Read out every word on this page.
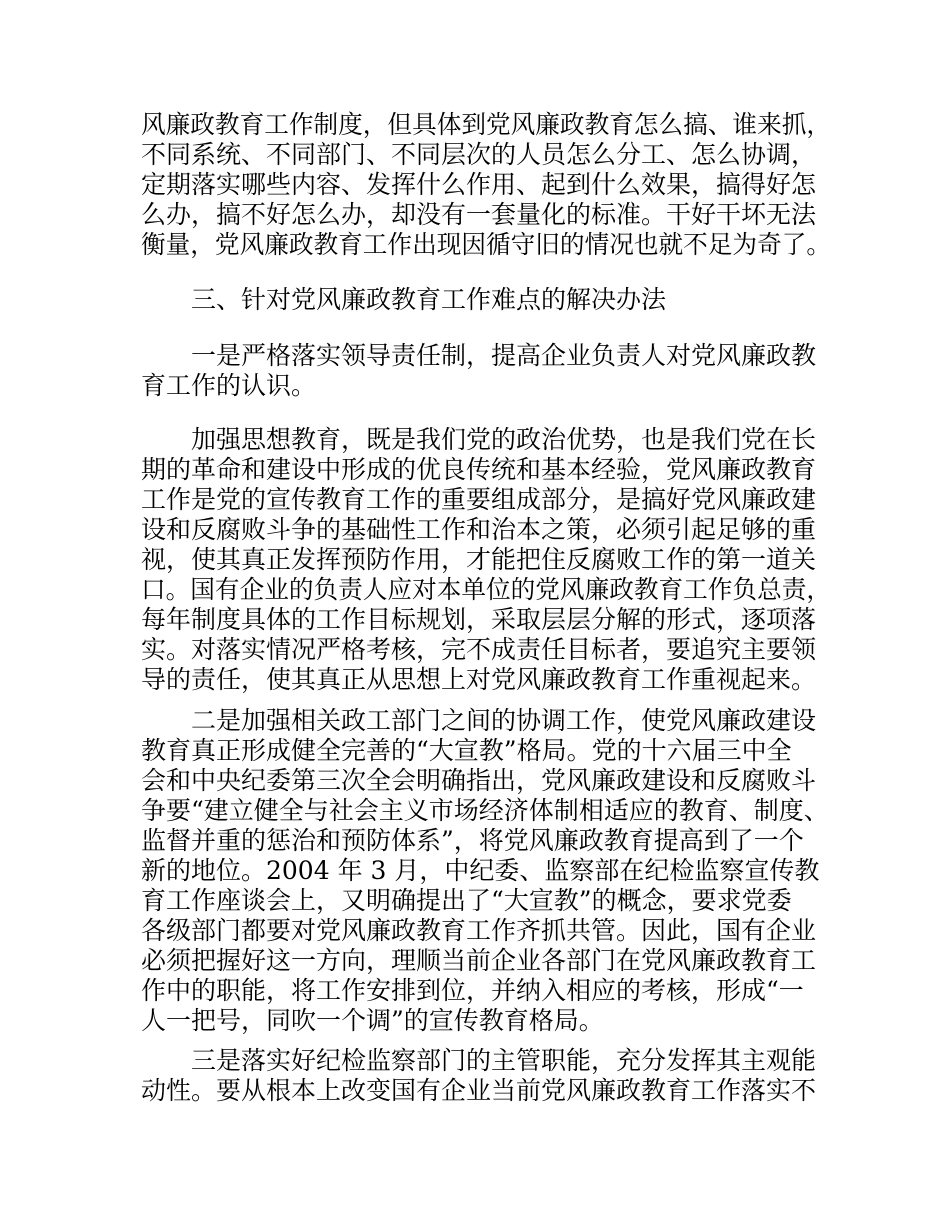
风廉政教育工作制度，但具体到党风廉政教育怎么搞、谁来抓，
不同系统、不同部门、不同层次的人员怎么分工、怎么协调，
定期落实哪些内容、发挥什么作用、起到什么效果，搞得好怎
么办，搞不好怎么办，却没有一套量化的标准。干好干坏无法
衡量，党风廉政教育工作出现因循守旧的情况也就不足为奇了。
　　三、针对党风廉政教育工作难点的解决办法
　　一是严格落实领导责任制，提高企业负责人对党风廉政教
育工作的认识。
　　加强思想教育，既是我们党的政治优势，也是我们党在长
期的革命和建设中形成的优良传统和基本经验，党风廉政教育
工作是党的宣传教育工作的重要组成部分，是搞好党风廉政建
设和反腐败斗争的基础性工作和治本之策，必须引起足够的重
视，使其真正发挥预防作用，才能把住反腐败工作的第一道关
口。国有企业的负责人应对本单位的党风廉政教育工作负总责，
每年制度具体的工作目标规划，采取层层分解的形式，逐项落
实。对落实情况严格考核，完不成责任目标者，要追究主要领
导的责任，使其真正从思想上对党风廉政教育工作重视起来。
　　二是加强相关政工部门之间的协调工作，使党风廉政建设
教育真正形成健全完善的“大宣教”格局。党的十六届三中全
会和中央纪委第三次全会明确指出，党风廉政建设和反腐败斗
争要“建立健全与社会主义市场经济体制相适应的教育、制度、
监督并重的惩治和预防体系”，将党风廉政教育提高到了一个
新的地位。2004 年 3 月，中纪委、监察部在纪检监察宣传教
育工作座谈会上，又明确提出了“大宣教”的概念，要求党委
各级部门都要对党风廉政教育工作齐抓共管。因此，国有企业
必须把握好这一方向，理顺当前企业各部门在党风廉政教育工
作中的职能，将工作安排到位，并纳入相应的考核，形成“一
人一把号，同吹一个调”的宣传教育格局。
　　三是落实好纪检监察部门的主管职能，充分发挥其主观能
动性。要从根本上改变国有企业当前党风廉政教育工作落实不
